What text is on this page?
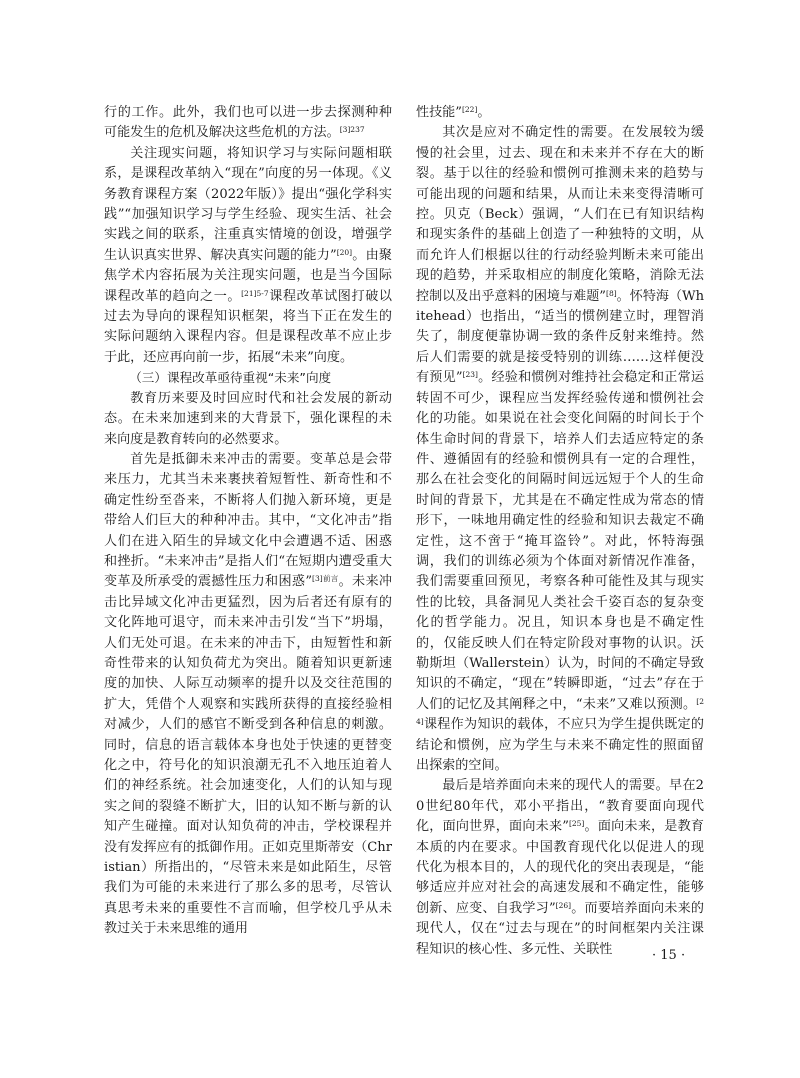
行的工作。此外，我们也可以进一步去探测种种可能发生的危机及解决这些危机的方法。$^{[3]237}$

关注现实问题，将知识学习与实际问题相联系，是课程改革纳入“现在”向度的另一体现。《义务教育课程方案（2022年版）》提出“强化学科实践”“加强知识学习与学生经验、现实生活、社会实践之间的联系，注重真实情境的创设，增强学生认识真实世界、解决真实问题的能力”[20]。由聚焦学术内容拓展为关注现实问题，也是当今国际课程改革的趋向之一。$^{[21]5-7}$课程改革试图打破以过去为导向的课程知识框架，将当下正在发生的实际问题纳入课程内容。但是课程改革不应止步于此，还应再向前一步，拓展“未来”向度。

（三）课程改革亟待重视“未来”向度

教育历来要及时回应时代和社会发展的新动态。在未来加速到来的大背景下，强化课程的未来向度是教育转向的必然要求。

首先是抵御未来冲击的需要。变革总是会带来压力，尤其当未来裹挟着短暂性、新奇性和不确定性纷至沓来，不断将人们抛入新环境，更是带给人们巨大的种种冲击。其中，“文化冲击”指人们在进入陌生的异域文化中会遭遇不适、困惑和挫折。“未来冲击”是指人们“在短期内遭受重大变革及所承受的震撼性压力和困惑”$^{[3]前言}$。未来冲击比异域文化冲击更猛烈，因为后者还有原有的文化阵地可退守，而未来冲击引发“当下”坍塌，人们无处可退。在未来的冲击下，由短暂性和新奇性带来的认知负荷尤为突出。随着知识更新速度的加快、人际互动频率的提升以及交往范围的扩大，凭借个人观察和实践所获得的直接经验相对减少，人们的感官不断受到各种信息的刺激。同时，信息的语言载体本身也处于快速的更替变化之中，符号化的知识浪潮无孔不入地压迫着人们的神经系统。社会加速变化，人们的认知与现实之间的裂缝不断扩大，旧的认知不断与新的认知产生碰撞。面对认知负荷的冲击，学校课程并没有发挥应有的抵御作用。正如克里斯蒂安（Christian）所指出的，“尽管未来是如此陌生，尽管我们为可能的未来进行了那么多的思考，尽管认真思考未来的重要性不言而喻，但学校几乎从未教过关于未来思维的通用

性技能”[22]。

其次是应对不确定性的需要。在发展较为缓慢的社会里，过去、现在和未来并不存在大的断裂。基于以往的经验和惯例可推测未来的趋势与可能出现的问题和结果，从而让未来变得清晰可控。贝克（Beck）强调，“人们在已有知识结构和现实条件的基础上创造了一种独特的文明，从而允许人们根据以往的行动经验判断未来可能出现的趋势，并采取相应的制度化策略，消除无法控制以及出乎意料的困境与难题”[8]。怀特海（Whitehead）也指出，“适当的惯例建立时，理智消失了，制度便靠协调一致的条件反射来维持。然后人们需要的就是接受特别的训练……这样便没有预见”[23]。经验和惯例对维持社会稳定和正常运转固不可少，课程应当发挥经验传递和惯例社会化的功能。如果说在社会变化间隔的时间长于个体生命时间的背景下，培养人们去适应特定的条件、遵循固有的经验和惯例具有一定的合理性，那么在社会变化的间隔时间远远短于个人的生命时间的背景下，尤其是在不确定性成为常态的情形下，一味地用确定性的经验和知识去裁定不确定性，这不啻于“掩耳盗铃”。对此，怀特海强调，我们的训练必须为个体面对新情况作准备，我们需要重回预见，考察各种可能性及其与现实性的比较，具备洞见人类社会千姿百态的复杂变化的哲学能力。况且，知识本身也是不确定性的，仅能反映人们在特定阶段对事物的认识。沃勒斯坦（Wallerstein）认为，时间的不确定导致知识的不确定，“现在”转瞬即逝，“过去”存在于人们的记忆及其阐释之中，“未来”又难以预测。[24]课程作为知识的载体，不应只为学生提供既定的结论和惯例，应为学生与未来不确定性的照面留出探索的空间。

最后是培养面向未来的现代人的需要。早在20世纪80年代，邓小平指出，“教育要面向现代化，面向世界，面向未来”[25]。面向未来，是教育本质的内在要求。中国教育现代化以促进人的现代化为根本目的，人的现代化的突出表现是，“能够适应并应对社会的高速发展和不确定性，能够创新、应变、自我学习”[26]。而要培养面向未来的现代人，仅在“过去与现在”的时间框架内关注课程知识的核心性、多元性、关联性	· 15 ·
